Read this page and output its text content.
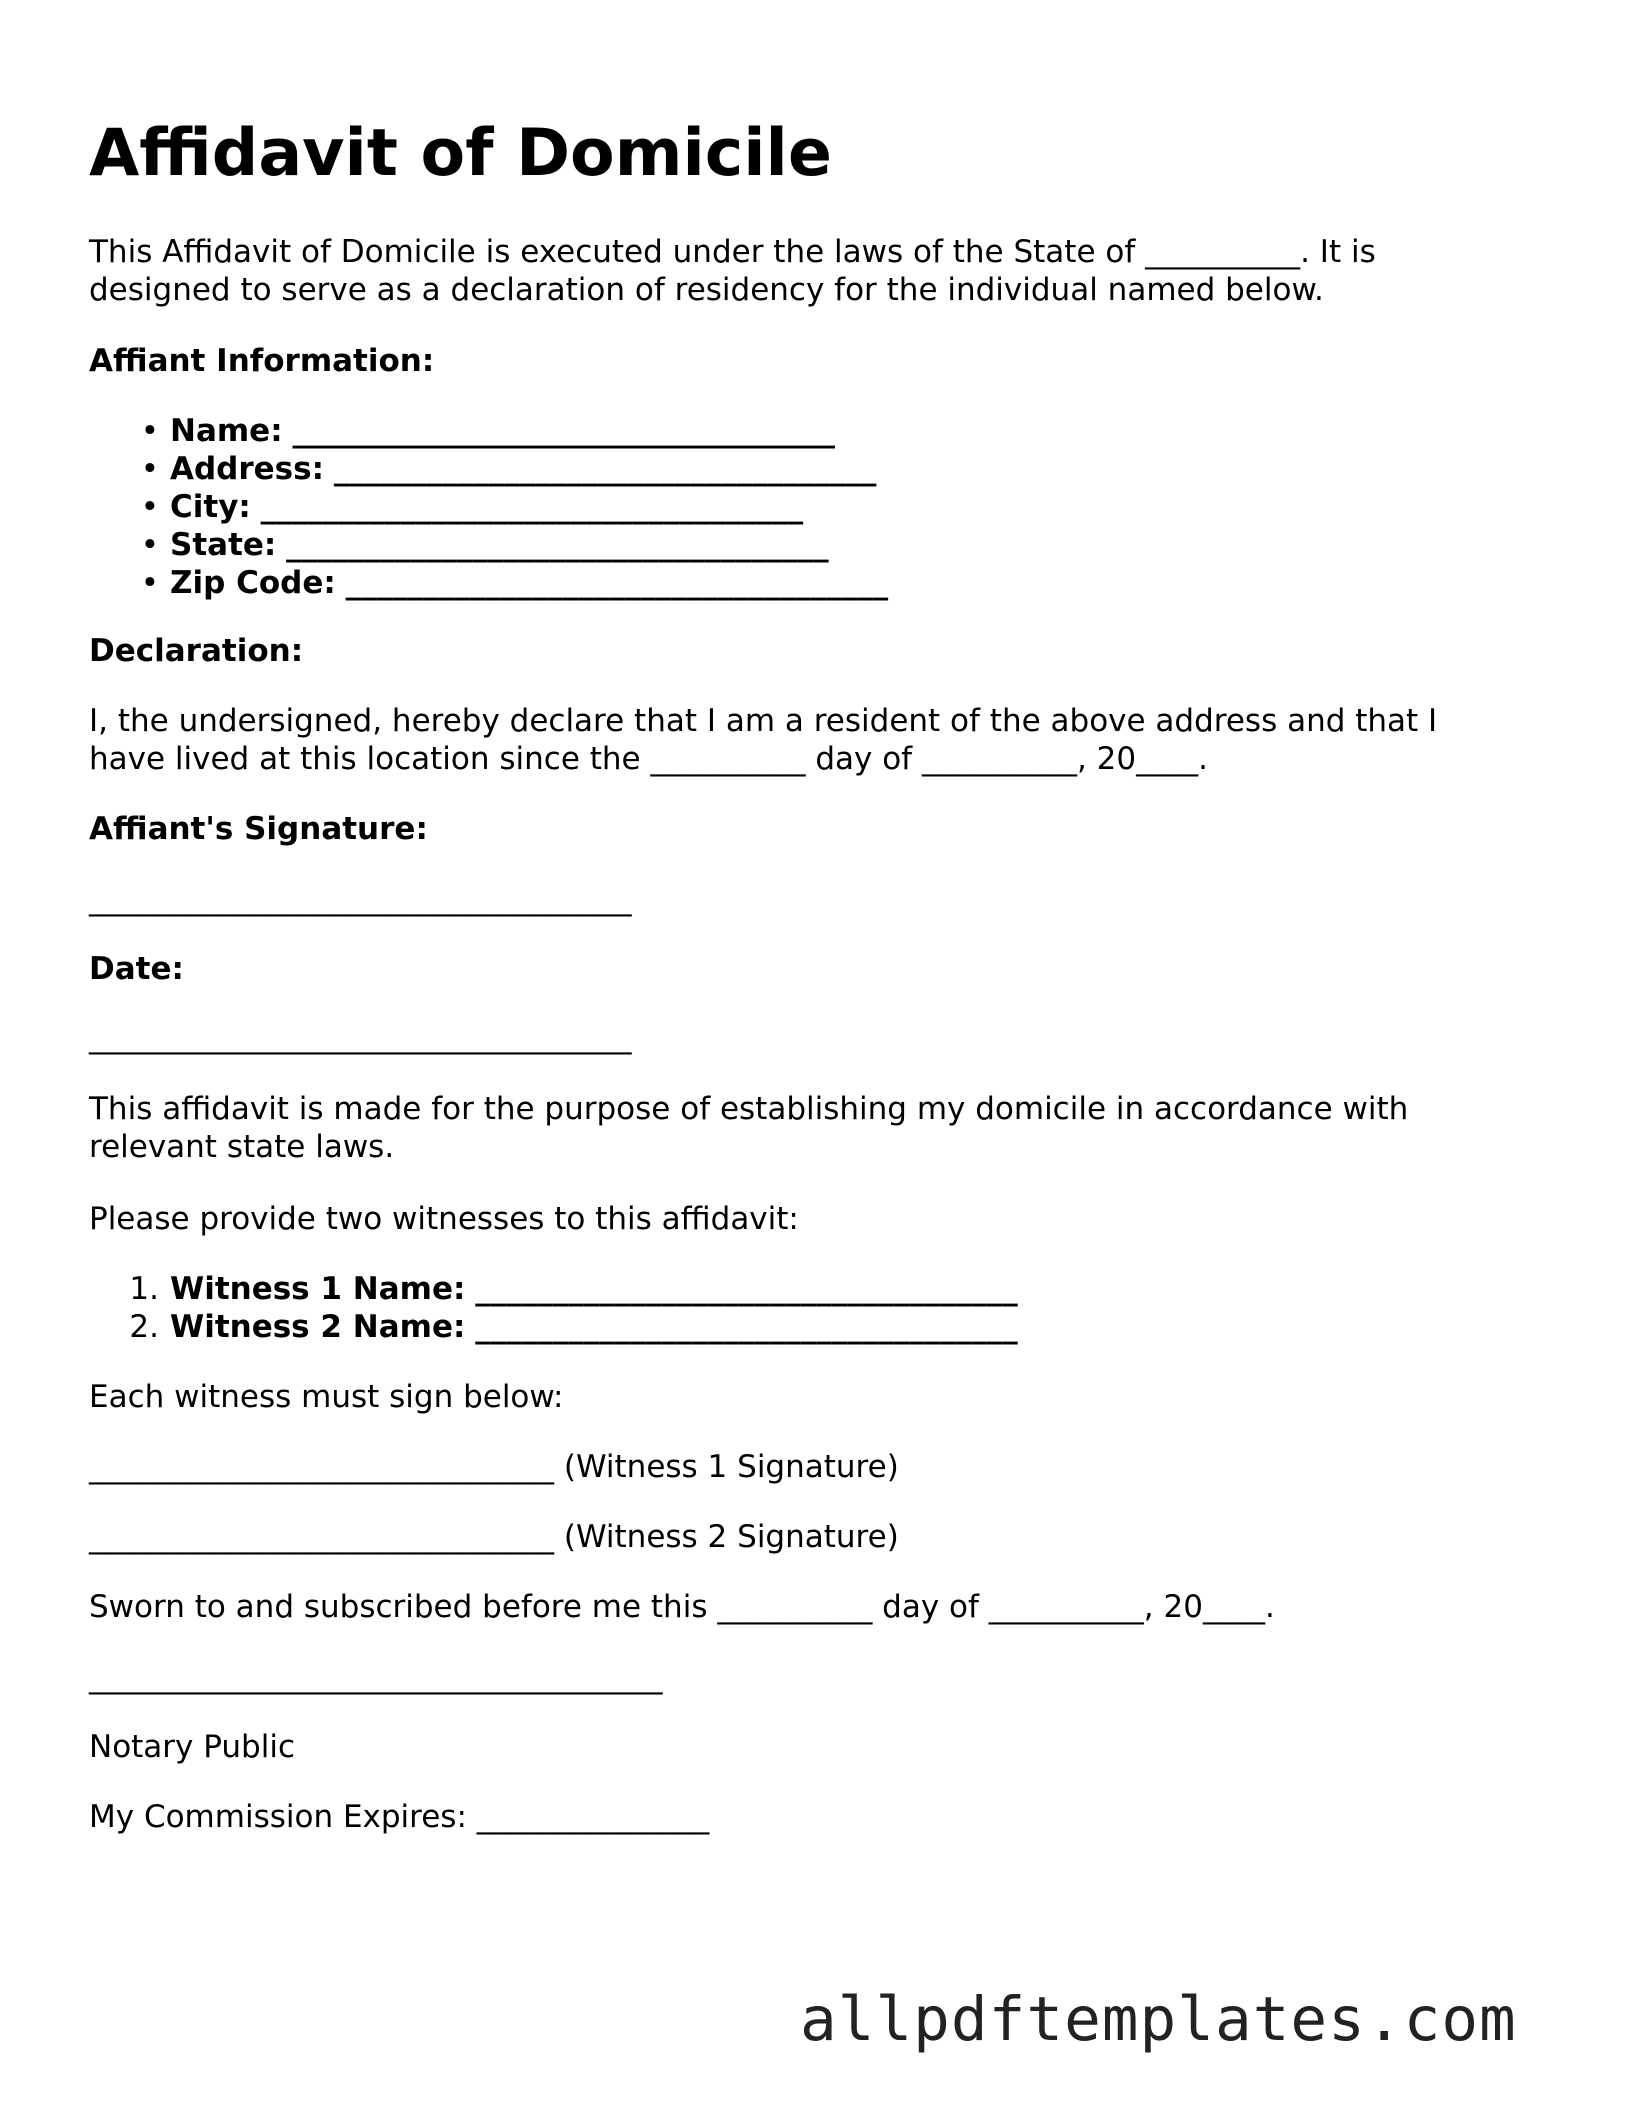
Affidavit of Domicile
This Affidavit of Domicile is executed under the laws of the State of __________. It is
designed to serve as a declaration of residency for the individual named below.
Affiant Information:
• Name: ___________________________________
• Address: ___________________________________
• City: ___________________________________
• State: ___________________________________
• Zip Code: ___________________________________
Declaration:
I, the undersigned, hereby declare that I am a resident of the above address and that I
have lived at this location since the __________ day of __________, 20____.
Affiant's Signature:
___________________________________
Date:
___________________________________
This affidavit is made for the purpose of establishing my domicile in accordance with
relevant state laws.
Please provide two witnesses to this affidavit:
1. Witness 1 Name: ___________________________________
2. Witness 2 Name: ___________________________________
Each witness must sign below:
______________________________ (Witness 1 Signature)
______________________________ (Witness 2 Signature)
Sworn to and subscribed before me this __________ day of __________, 20____.
_____________________________________
Notary Public
My Commission Expires: _______________
allpdftemplates.com
